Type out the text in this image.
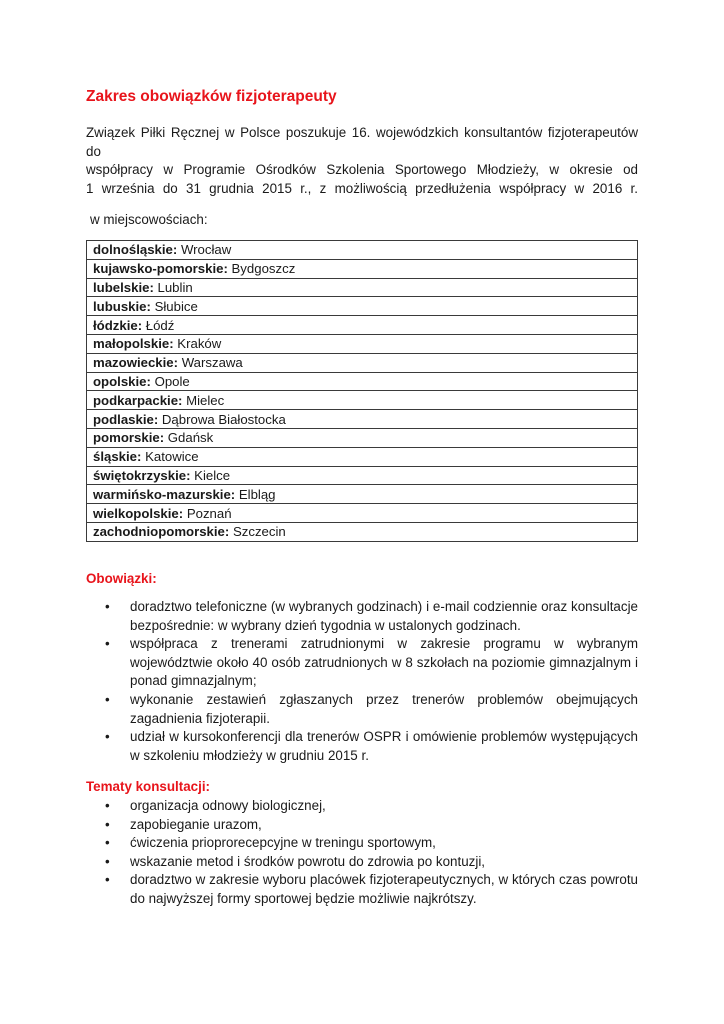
Zakres obowiązków fizjoterapeuty

Związek Piłki Ręcznej w Polsce poszukuje 16. wojewódzkich konsultantów fizjoterapeutów do

współpracy w Programie Ośrodków Szkolenia Sportowego Młodzieży, w okresie od

1 września do 31 grudnia 2015 r., z możliwością przedłużenia współpracy w 2016 r.

w miejscowościach:
dolnośląskie: Wrocław
kujawsko-pomorskie: Bydgoszcz
lubelskie: Lublin
lubuskie: Słubice
łódzkie: Łódź
małopolskie: Kraków
mazowieckie: Warszawa
opolskie: Opole
podkarpackie: Mielec
podlaskie: Dąbrowa Białostocka
pomorskie: Gdańsk
śląskie: Katowice
świętokrzyskie: Kielce
warmińsko-mazurskie: Elbląg
wielkopolskie: Poznań
zachodniopomorskie: Szczecin
Obowiązki:
• doradztwo telefoniczne (w wybranych godzinach) i e-mail codziennie oraz konsultacje bezpośrednie: w wybrany dzień tygodnia w ustalonych godzinach.
• współpraca z trenerami zatrudnionymi w zakresie programu w wybranym województwie około 40 osób zatrudnionych w 8 szkołach na poziomie gimnazjalnym i ponad gimnazjalnym;
• wykonanie zestawień zgłaszanych przez trenerów problemów obejmujących zagadnienia fizjoterapii.
• udział w kursokonferencji dla trenerów OSPR i omówienie problemów występujących w szkoleniu młodzieży w grudniu 2015 r.
Tematy konsultacji:
• organizacja odnowy biologicznej,
• zapobieganie urazom,
• ćwiczenia prioprorecepcyjne w treningu sportowym,
• wskazanie metod i środków powrotu do zdrowia po kontuzji,
• doradztwo w zakresie wyboru placówek fizjoterapeutycznych, w których czas powrotu do najwyższej formy sportowej będzie możliwie najkrótszy.
